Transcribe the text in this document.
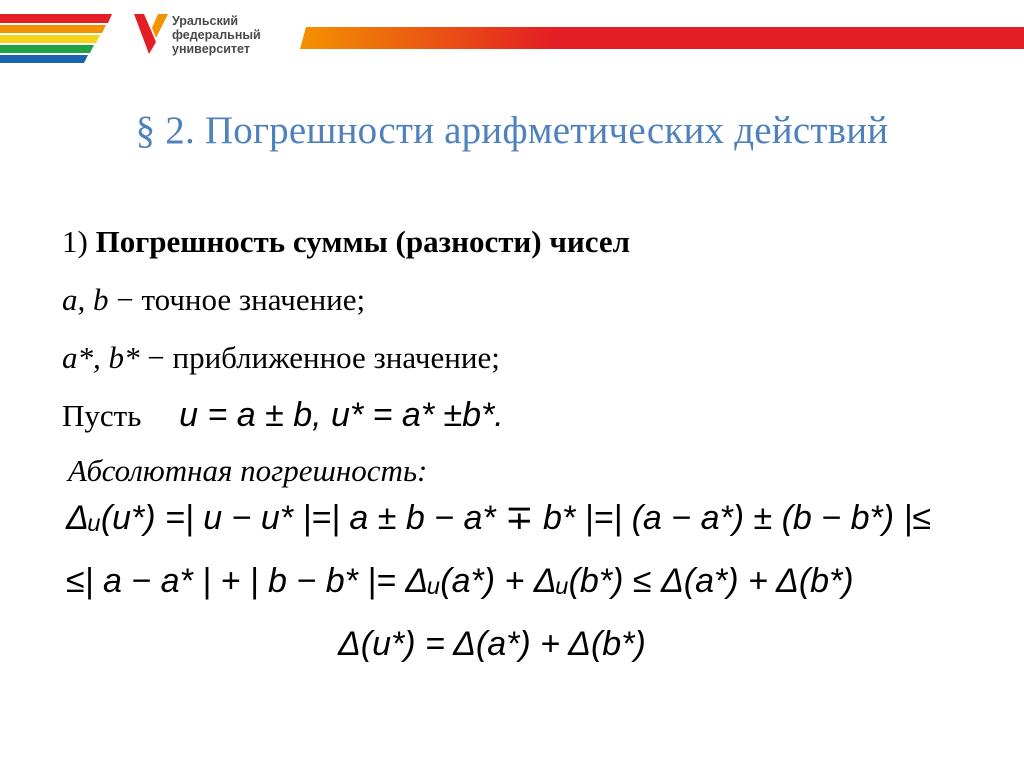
Уральский
федеральный
университет
§ 2. Погрешности арифметических действий
1) Погрешность суммы (разности) чисел
a, b − точное значение;
a*, b* − приближенное значение;
Пусть u = a ± b, u* = a* ±b*.
Абсолютная погрешность:
Δᵤ(u*) =| u − u* |=| a ± b − a* ∓ b* |=| (a − a*) ± (b − b*) |≤
≤| a − a* | + | b − b* |= Δᵤ(a*) + Δᵤ(b*) ≤ Δ(a*) + Δ(b*)
Δ(u*) = Δ(a*) + Δ(b*)
